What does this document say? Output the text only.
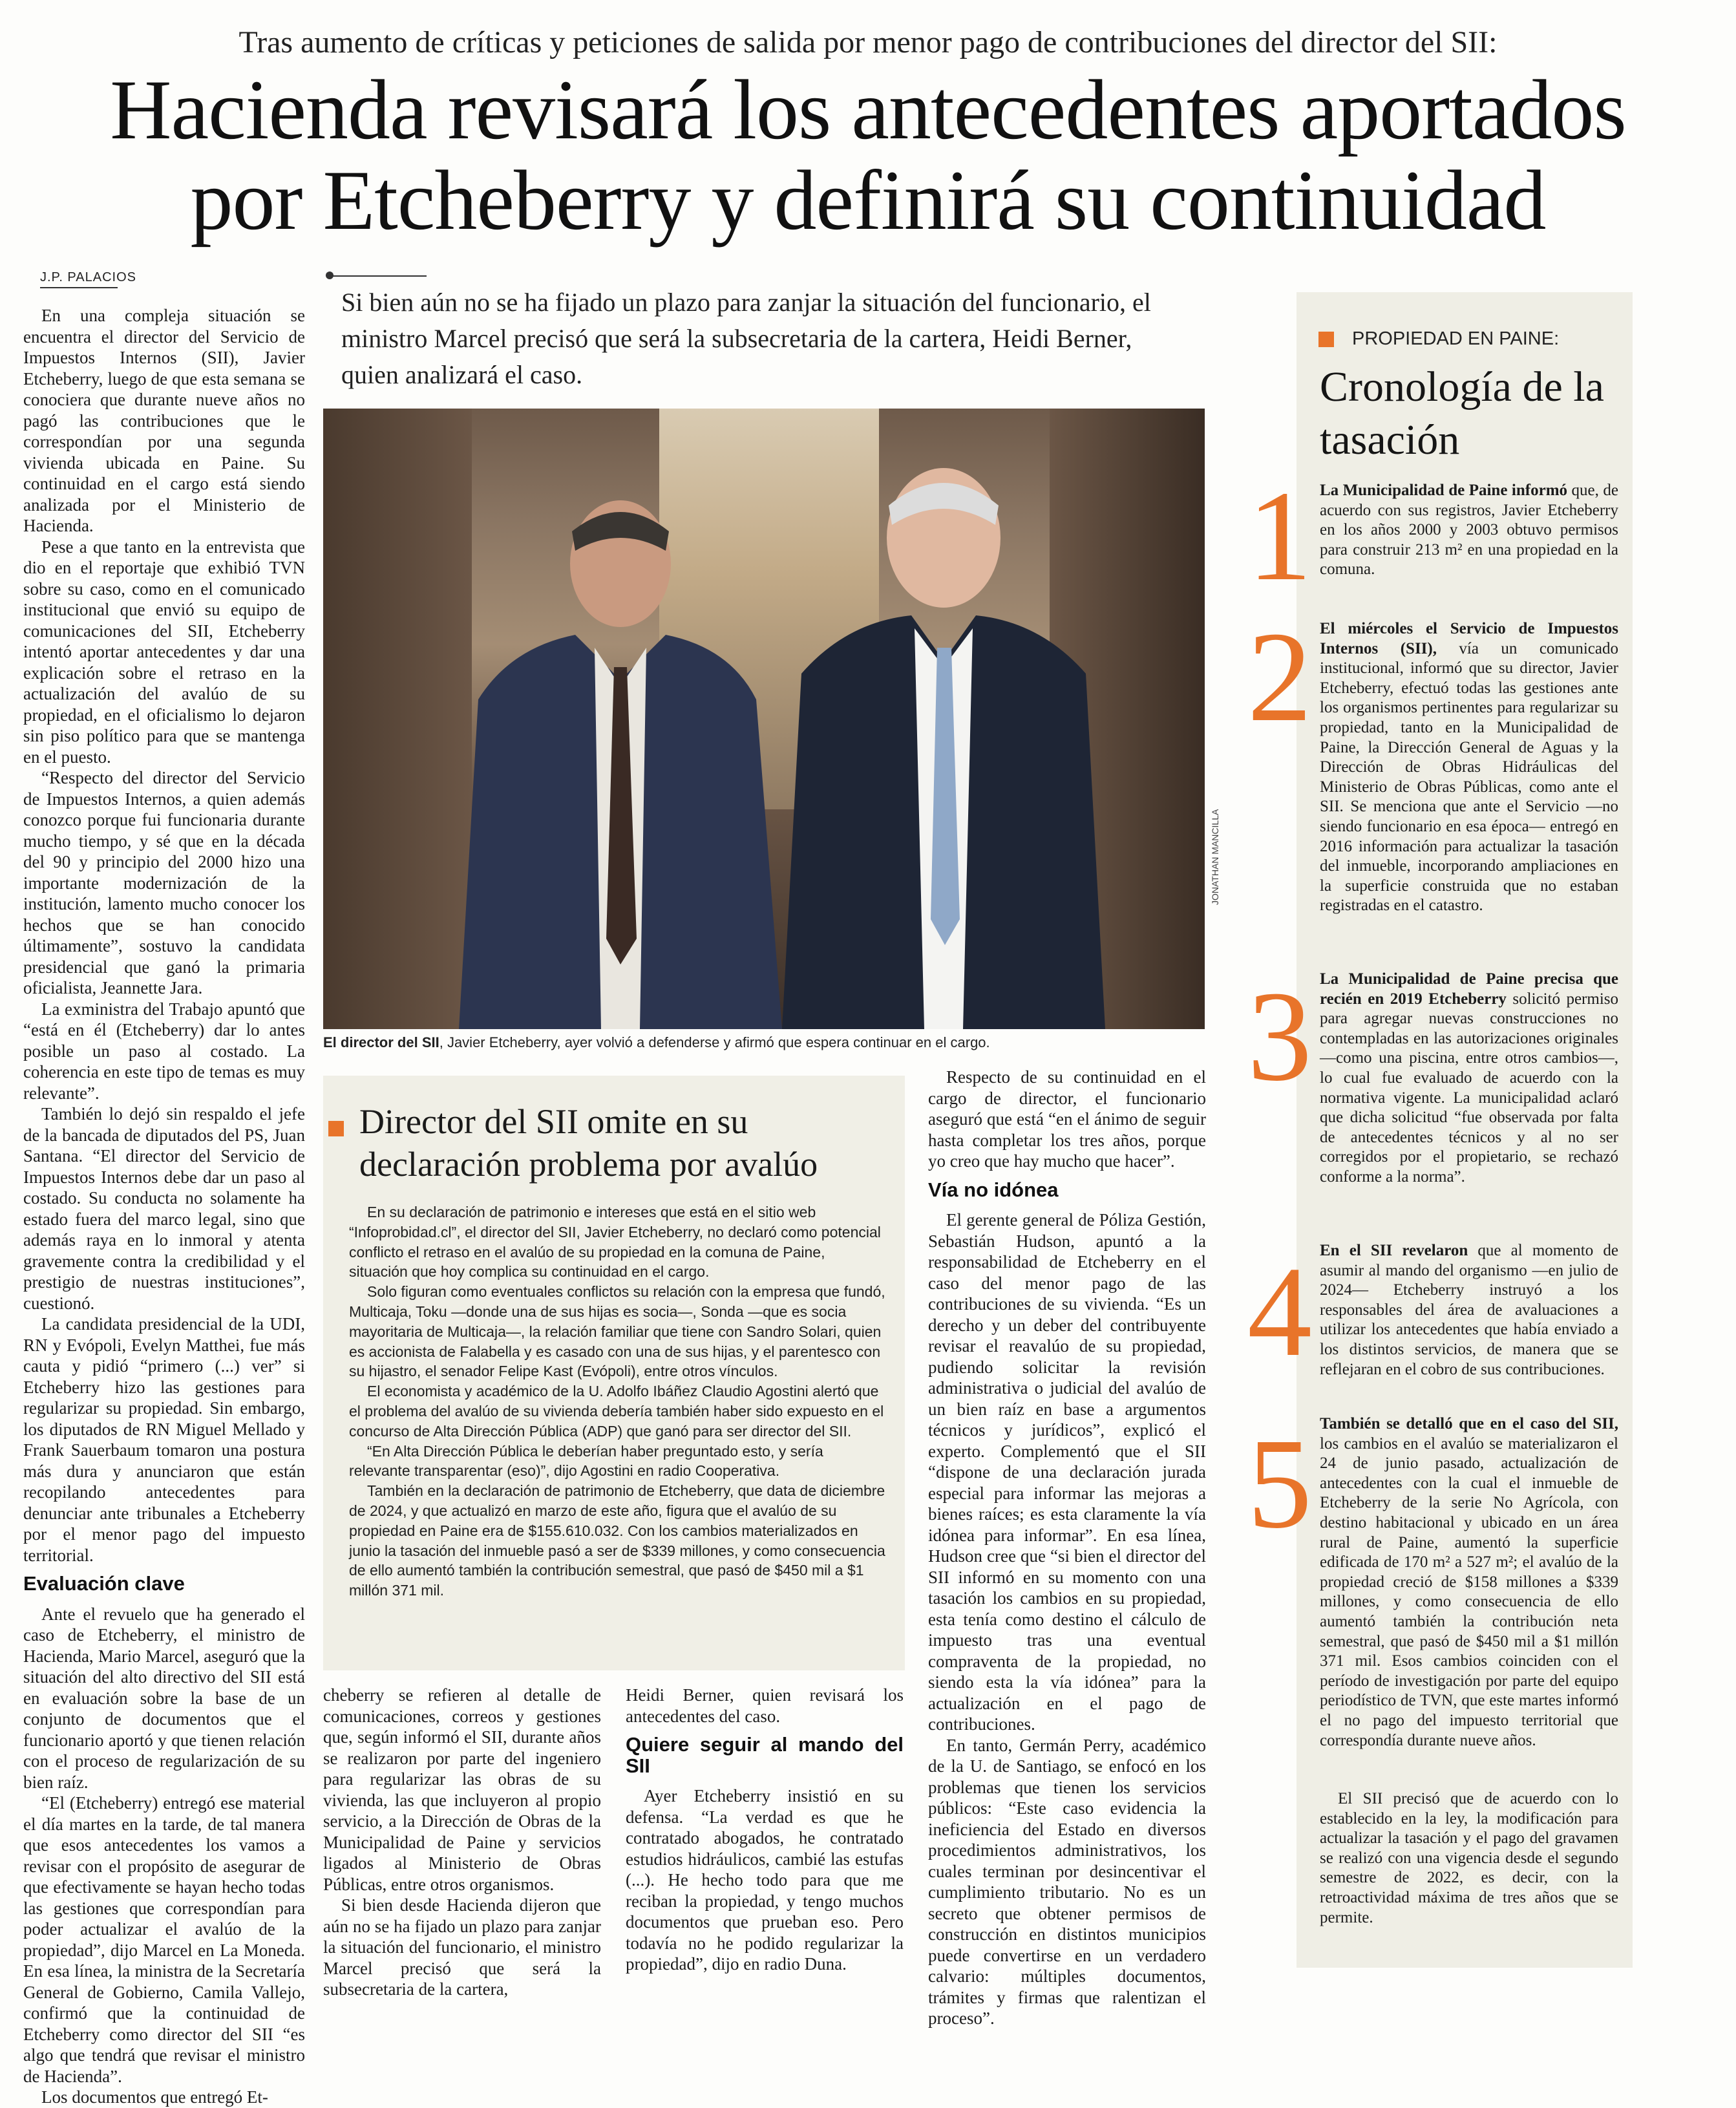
Tras aumento de críticas y peticiones de salida por menor pago de contribuciones del director del SII:
Hacienda revisará los antecedentes aportados
por Etcheberry y definirá su continuidad
J.P. PALACIOS
Si bien aún no se ha fijado un plazo para zanjar la situación del funcionario, el ministro Marcel precisó que será la subsecretaria de la cartera, Heidi Berner, quien analizará el caso.

En una compleja situación se encuentra el director del Servicio de Impuestos Internos (SII), Javier Etcheberry, luego de que esta semana se conociera que durante nueve años no pagó las contribuciones que le correspondían por una segunda vivienda ubicada en Paine. Su continuidad en el cargo está siendo analizada por el Ministerio de Hacienda.

Pese a que tanto en la entrevista que dio en el reportaje que exhibió TVN sobre su caso, como en el comunicado institucional que envió su equipo de comunicaciones del SII, Etcheberry intentó aportar antecedentes y dar una explicación sobre el retraso en la actualización del avalúo de su propiedad, en el oficialismo lo dejaron sin piso político para que se mantenga en el puesto.

“Respecto del director del Servicio de Impuestos Internos, a quien además conozco porque fui funcionaria durante mucho tiempo, y sé que en la década del 90 y principio del 2000 hizo una importante modernización de la institución, lamento mucho conocer los hechos que se han conocido últimamente”, sostuvo la candidata presidencial que ganó la primaria oficialista, Jeannette Jara.

La exministra del Trabajo apuntó que “está en él (Etcheberry) dar lo antes posible un paso al costado. La coherencia en este tipo de temas es muy relevante”.

También lo dejó sin respaldo el jefe de la bancada de diputados del PS, Juan Santana. “El director del Servicio de Impuestos Internos debe dar un paso al costado. Su conducta no solamente ha estado fuera del marco legal, sino que además raya en lo inmoral y atenta gravemente contra la credibilidad y el prestigio de nuestras instituciones”, cuestionó.

La candidata presidencial de la UDI, RN y Evópoli, Evelyn Matthei, fue más cauta y pidió “primero (...) ver” si Etcheberry hizo las gestiones para regularizar su propiedad. Sin embargo, los diputados de RN Miguel Mellado y Frank Sauerbaum tomaron una postura más dura y anunciaron que están recopilando antecedentes para denunciar ante tribunales a Etcheberry por el menor pago del impuesto territorial.

Evaluación clave

Ante el revuelo que ha generado el caso de Etcheberry, el ministro de Hacienda, Mario Marcel, aseguró que la situación del alto directivo del SII está en evaluación sobre la base de un conjunto de documentos que el funcionario aportó y que tienen relación con el proceso de regularización de su bien raíz.

“El (Etcheberry) entregó ese material el día martes en la tarde, de tal manera que esos antecedentes los vamos a revisar con el propósito de asegurar de que efectivamente se hayan hecho todas las gestiones que correspondían para poder actualizar el avalúo de la propiedad”, dijo Marcel en La Moneda. En esa línea, la ministra de la Secretaría General de Gobierno, Camila Vallejo, confirmó que la continuidad de Etcheberry como director del SII “es algo que tendrá que revisar el ministro de Hacienda”.

Los documentos que entregó Et-

JONATHAN MANCILLA
El director del SII, Javier Etcheberry, ayer volvió a defenderse y afirmó que espera continuar en el cargo.
Director del SII omite en su declaración problema por avalúo

En su declaración de patrimonio e intereses que está en el sitio web “Infoprobidad.cl”, el director del SII, Javier Etcheberry, no declaró como potencial conflicto el retraso en el avalúo de su propiedad en la comuna de Paine, situación que hoy complica su continuidad en el cargo.

Solo figuran como eventuales conflictos su relación con la empresa que fundó, Multicaja, Toku —donde una de sus hijas es socia—, Sonda —que es socia mayoritaria de Multicaja—, la relación familiar que tiene con Sandro Solari, quien es accionista de Falabella y es casado con una de sus hijas, y el parentesco con su hijastro, el senador Felipe Kast (Evópoli), entre otros vínculos.

El economista y académico de la U. Adolfo Ibáñez Claudio Agostini alertó que el problema del avalúo de su vivienda debería también haber sido expuesto en el concurso de Alta Dirección Pública (ADP) que ganó para ser director del SII.

“En Alta Dirección Pública le deberían haber preguntado esto, y sería relevante transparentar (eso)”, dijo Agostini en radio Cooperativa.

También en la declaración de patrimonio de Etcheberry, que data de diciembre de 2024, y que actualizó en marzo de este año, figura que el avalúo de su propiedad en Paine era de $155.610.032. Con los cambios materializados en junio la tasación del inmueble pasó a ser de $339 millones, y como consecuencia de ello aumentó también la contribución semestral, que pasó de $450 mil a $1 millón 371 mil.

cheberry se refieren al detalle de comunicaciones, correos y gestiones que, según informó el SII, durante años se realizaron por parte del ingeniero para regularizar las obras de su vivienda, las que incluyeron al propio servicio, a la Dirección de Obras de la Municipalidad de Paine y servicios ligados al Ministerio de Obras Públicas, entre otros organismos.

Si bien desde Hacienda dijeron que aún no se ha fijado un plazo para zanjar la situación del funcionario, el ministro Marcel precisó que será la subsecretaria de la cartera,

Heidi Berner, quien revisará los antecedentes del caso.

Quiere seguir al mando del SII

Ayer Etcheberry insistió en su defensa. “La verdad es que he contratado abogados, he contratado estudios hidráulicos, cambié las estufas (...). He hecho todo para que me reciban la propiedad, y tengo muchos documentos que prueban eso. Pero todavía no he podido regularizar la propiedad”, dijo en radio Duna.

Respecto de su continuidad en el cargo de director, el funcionario aseguró que está “en el ánimo de seguir hasta completar los tres años, porque yo creo que hay mucho que hacer”.

Vía no idónea

El gerente general de Póliza Gestión, Sebastián Hudson, apuntó a la responsabilidad de Etcheberry en el caso del menor pago de las contribuciones de su vivienda. “Es un derecho y un deber del contribuyente revisar el reavalúo de su propiedad, pudiendo solicitar la revisión administrativa o judicial del avalúo de un bien raíz en base a argumentos técnicos y jurídicos”, explicó el experto. Complementó que el SII “dispone de una declaración jurada especial para informar las mejoras a bienes raíces; es esta claramente la vía idónea para informar”. En esa línea, Hudson cree que “si bien el director del SII informó en su momento con una tasación los cambios en su propiedad, esta tenía como destino el cálculo de impuesto tras una eventual compraventa de la propiedad, no siendo esta la vía idónea” para la actualización en el pago de contribuciones.

En tanto, Germán Perry, académico de la U. de Santiago, se enfocó en los problemas que tienen los servicios públicos: “Este caso evidencia la ineficiencia del Estado en diversos procedimientos administrativos, los cuales terminan por desincentivar el cumplimiento tributario. No es un secreto que obtener permisos de construcción en distintos municipios puede convertirse en un verdadero calvario: múltiples documentos, trámites y firmas que ralentizan el proceso”.

PROPIEDAD EN PAINE:
Cronología de la tasación
1 La Municipalidad de Paine informó que, de acuerdo con sus registros, Javier Etcheberry en los años 2000 y 2003 obtuvo permisos para construir 213 m² en una propiedad en la comuna.
2 El miércoles el Servicio de Impuestos Internos (SII), vía un comunicado institucional, informó que su director, Javier Etcheberry, efectuó todas las gestiones ante los organismos pertinentes para regularizar su propiedad, tanto en la Municipalidad de Paine, la Dirección General de Aguas y la Dirección de Obras Hidráulicas del Ministerio de Obras Públicas, como ante el SII. Se menciona que ante el Servicio —no siendo funcionario en esa época— entregó en 2016 información para actualizar la tasación del inmueble, incorporando ampliaciones en la superficie construida que no estaban registradas en el catastro.
3 La Municipalidad de Paine precisa que recién en 2019 Etcheberry solicitó permiso para agregar nuevas construcciones no contempladas en las autorizaciones originales —como una piscina, entre otros cambios—, lo cual fue evaluado de acuerdo con la normativa vigente. La municipalidad aclaró que dicha solicitud “fue observada por falta de antecedentes técnicos y al no ser corregidos por el propietario, se rechazó conforme a la norma”.
4 En el SII revelaron que al momento de asumir al mando del organismo —en julio de 2024— Etcheberry instruyó a los responsables del área de avaluaciones a utilizar los antecedentes que había enviado a los distintos servicios, de manera que se reflejaran en el cobro de sus contribuciones.
5 También se detalló que en el caso del SII, los cambios en el avalúo se materializaron el 24 de junio pasado, actualización de antecedentes con la cual el inmueble de Etcheberry de la serie No Agrícola, con destino habitacional y ubicado en un área rural de Paine, aumentó la superficie edificada de 170 m² a 527 m²; el avalúo de la propiedad creció de $158 millones a $339 millones, y como consecuencia de ello aumentó también la contribución neta semestral, que pasó de $450 mil a $1 millón 371 mil. Esos cambios coinciden con el período de investigación por parte del equipo periodístico de TVN, que este martes informó el no pago del impuesto territorial que correspondía durante nueve años.
El SII precisó que de acuerdo con lo establecido en la ley, la modificación para actualizar la tasación y el pago del gravamen se realizó con una vigencia desde el segundo semestre de 2022, es decir, con la retroactividad máxima de tres años que se permite.
